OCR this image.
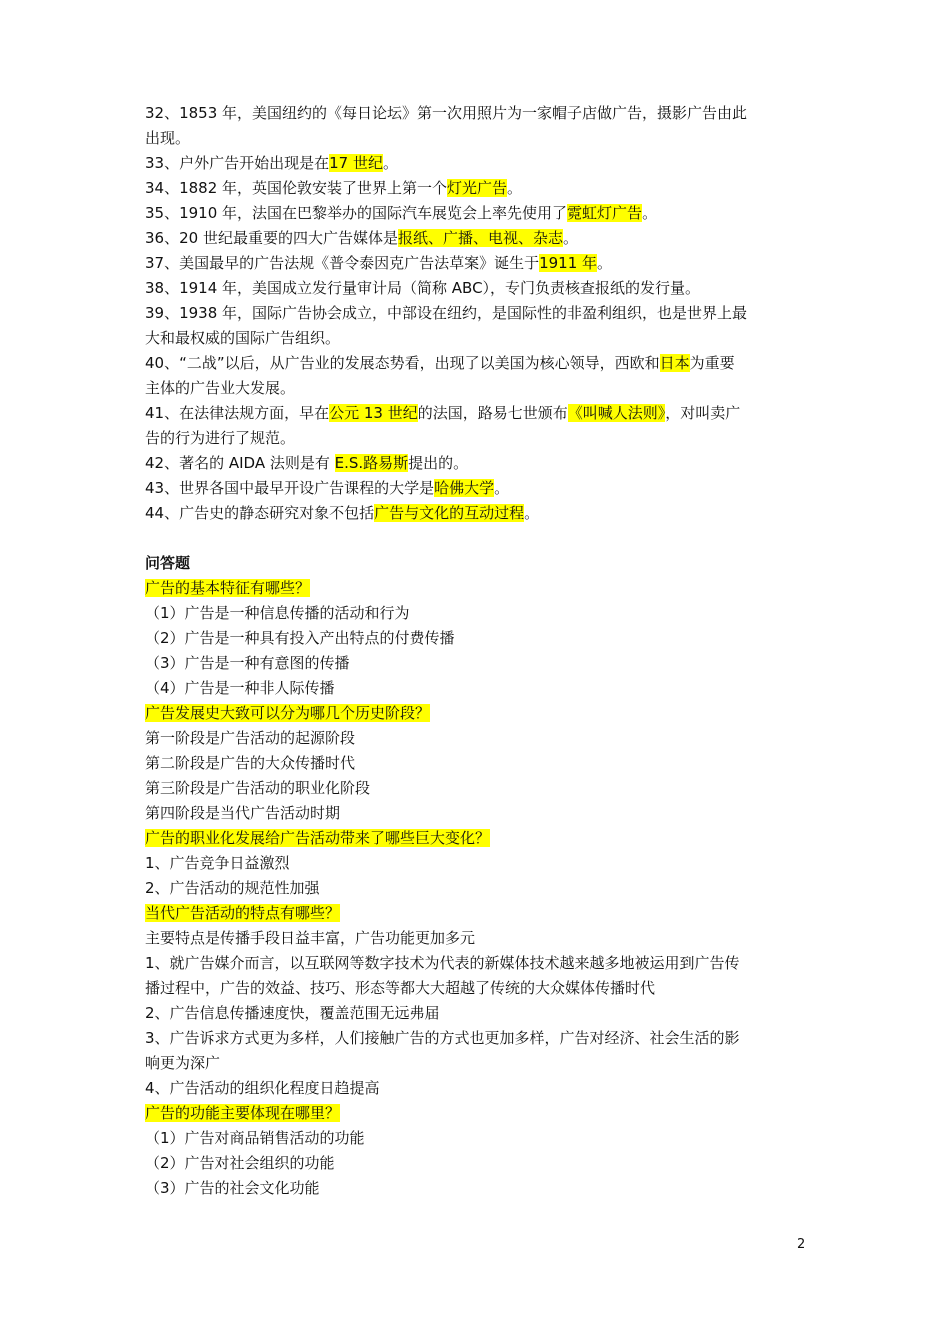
32、1853 年，美国纽约的《每日论坛》第一次用照片为一家帽子店做广告，摄影广告由此
出现。
33、户外广告开始出现是在17 世纪。
34、1882 年，英国伦敦安装了世界上第一个灯光广告。
35、1910 年，法国在巴黎举办的国际汽车展览会上率先使用了霓虹灯广告。
36、20 世纪最重要的四大广告媒体是报纸、广播、电视、杂志。
37、美国最早的广告法规《普令泰因克广告法草案》诞生于1911 年。
38、1914 年，美国成立发行量审计局（简称 ABC），专门负责核查报纸的发行量。
39、1938 年，国际广告协会成立，中部设在纽约，是国际性的非盈利组织，也是世界上最
大和最权威的国际广告组织。
40、“二战”以后，从广告业的发展态势看，出现了以美国为核心领导，西欧和日本为重要
主体的广告业大发展。
41、在法律法规方面，早在公元 13 世纪的法国，路易七世颁布《叫喊人法则》，对叫卖广
告的行为进行了规范。
42、著名的 AIDA 法则是有 E.S.路易斯提出的。
43、世界各国中最早开设广告课程的大学是哈佛大学。
44、广告史的静态研究对象不包括广告与文化的互动过程。
问答题
广告的基本特征有哪些？
（1）广告是一种信息传播的活动和行为
（2）广告是一种具有投入产出特点的付费传播
（3）广告是一种有意图的传播
（4）广告是一种非人际传播
广告发展史大致可以分为哪几个历史阶段？
第一阶段是广告活动的起源阶段
第二阶段是广告的大众传播时代
第三阶段是广告活动的职业化阶段
第四阶段是当代广告活动时期
广告的职业化发展给广告活动带来了哪些巨大变化？
1、广告竞争日益激烈
2、广告活动的规范性加强
当代广告活动的特点有哪些？
主要特点是传播手段日益丰富，广告功能更加多元
1、就广告媒介而言，以互联网等数字技术为代表的新媒体技术越来越多地被运用到广告传
播过程中，广告的效益、技巧、形态等都大大超越了传统的大众媒体传播时代
2、广告信息传播速度快，覆盖范围无远弗届
3、广告诉求方式更为多样，人们接触广告的方式也更加多样，广告对经济、社会生活的影
响更为深广
4、广告活动的组织化程度日趋提高
广告的功能主要体现在哪里？
（1）广告对商品销售活动的功能
（2）广告对社会组织的功能
（3）广告的社会文化功能
2
